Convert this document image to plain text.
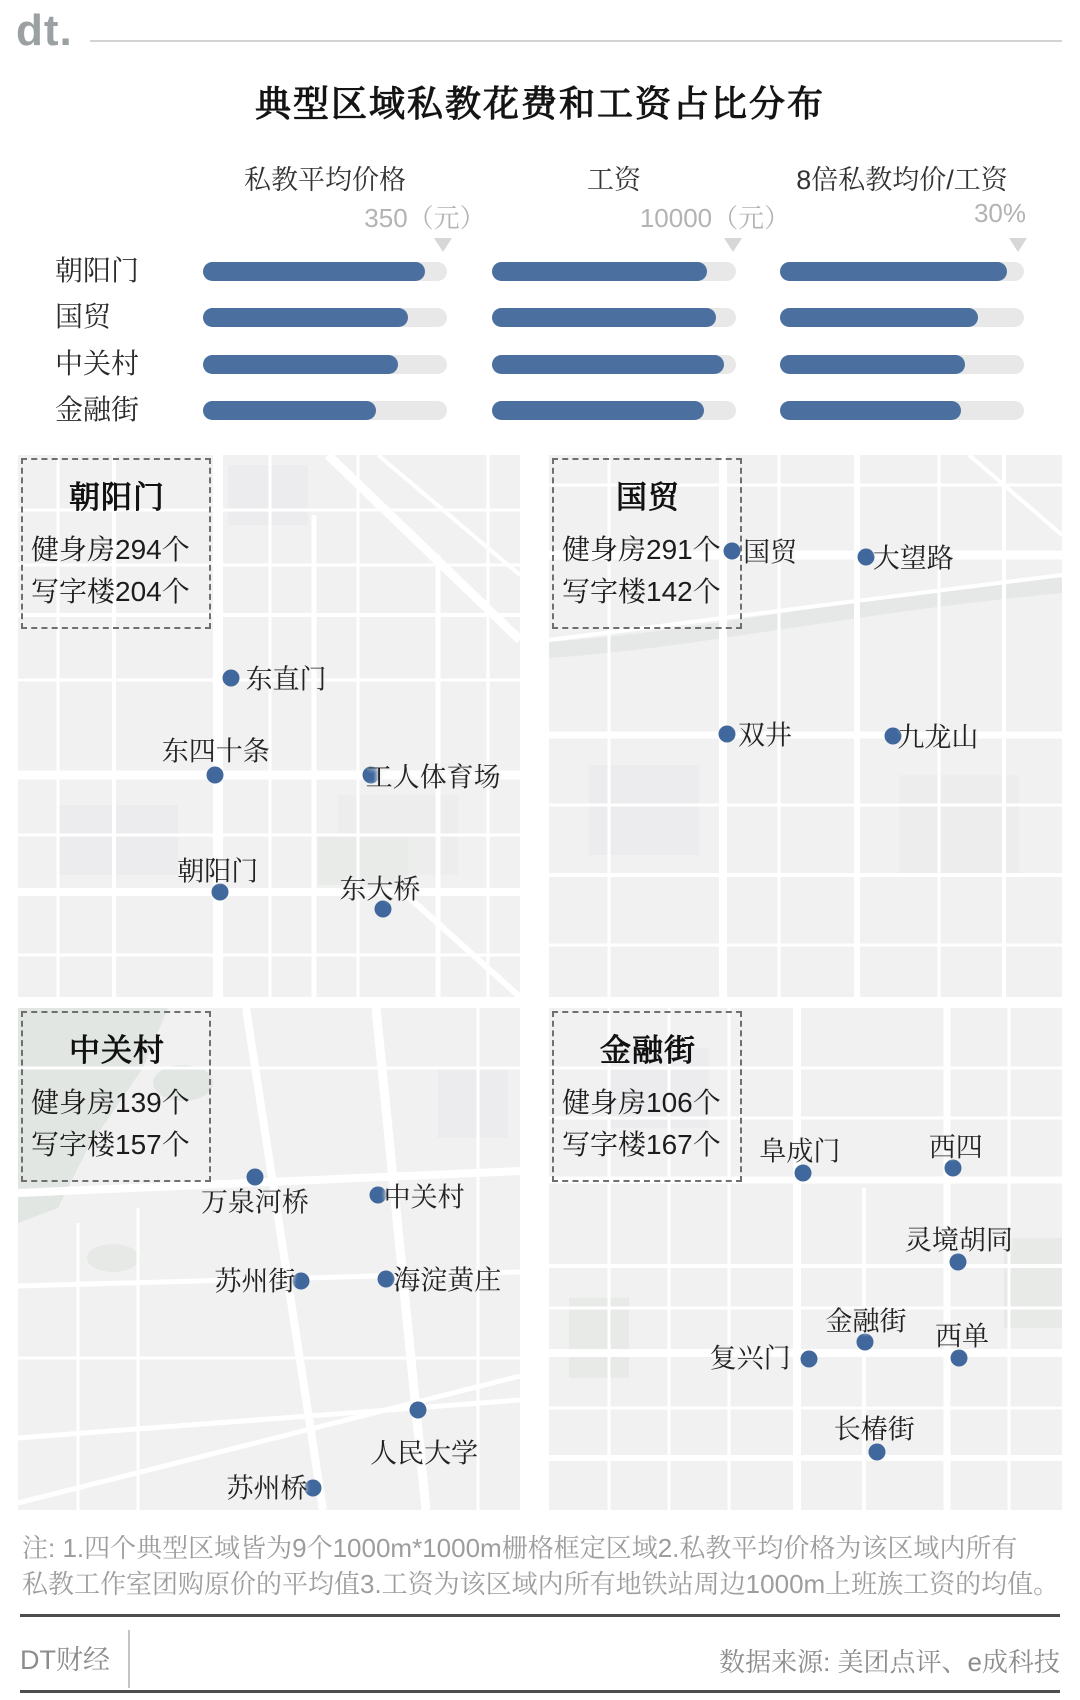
dt.
典型区域私教花费和工资占比分布
私教平均价格	工资	8倍私教均价/工资
350（元）	10000（元）	30%
朝阳门
国贸
中关村
金融街
朝阳门
健身房294个
写字楼204个
东直门
东四十条
工人体育场
朝阳门
东大桥
国贸
健身房291个
写字楼142个
国贸	大望路
双井	九龙山
中关村
健身房139个
写字楼157个
万泉河桥	中关村
苏州街	海淀黄庄
人民大学
苏州桥
金融街
健身房106个
写字楼167个	阜成门	西四
灵境胡同
金融街
西单
复兴门
长椿街
注: 1.四个典型区域皆为9个1000m*1000m栅格框定区域2.私教平均价格为该区域内所有
私教工作室团购原价的平均值3.工资为该区域内所有地铁站周边1000m上班族工资的均值。
DT财经	数据来源: 美团点评、e成科技
